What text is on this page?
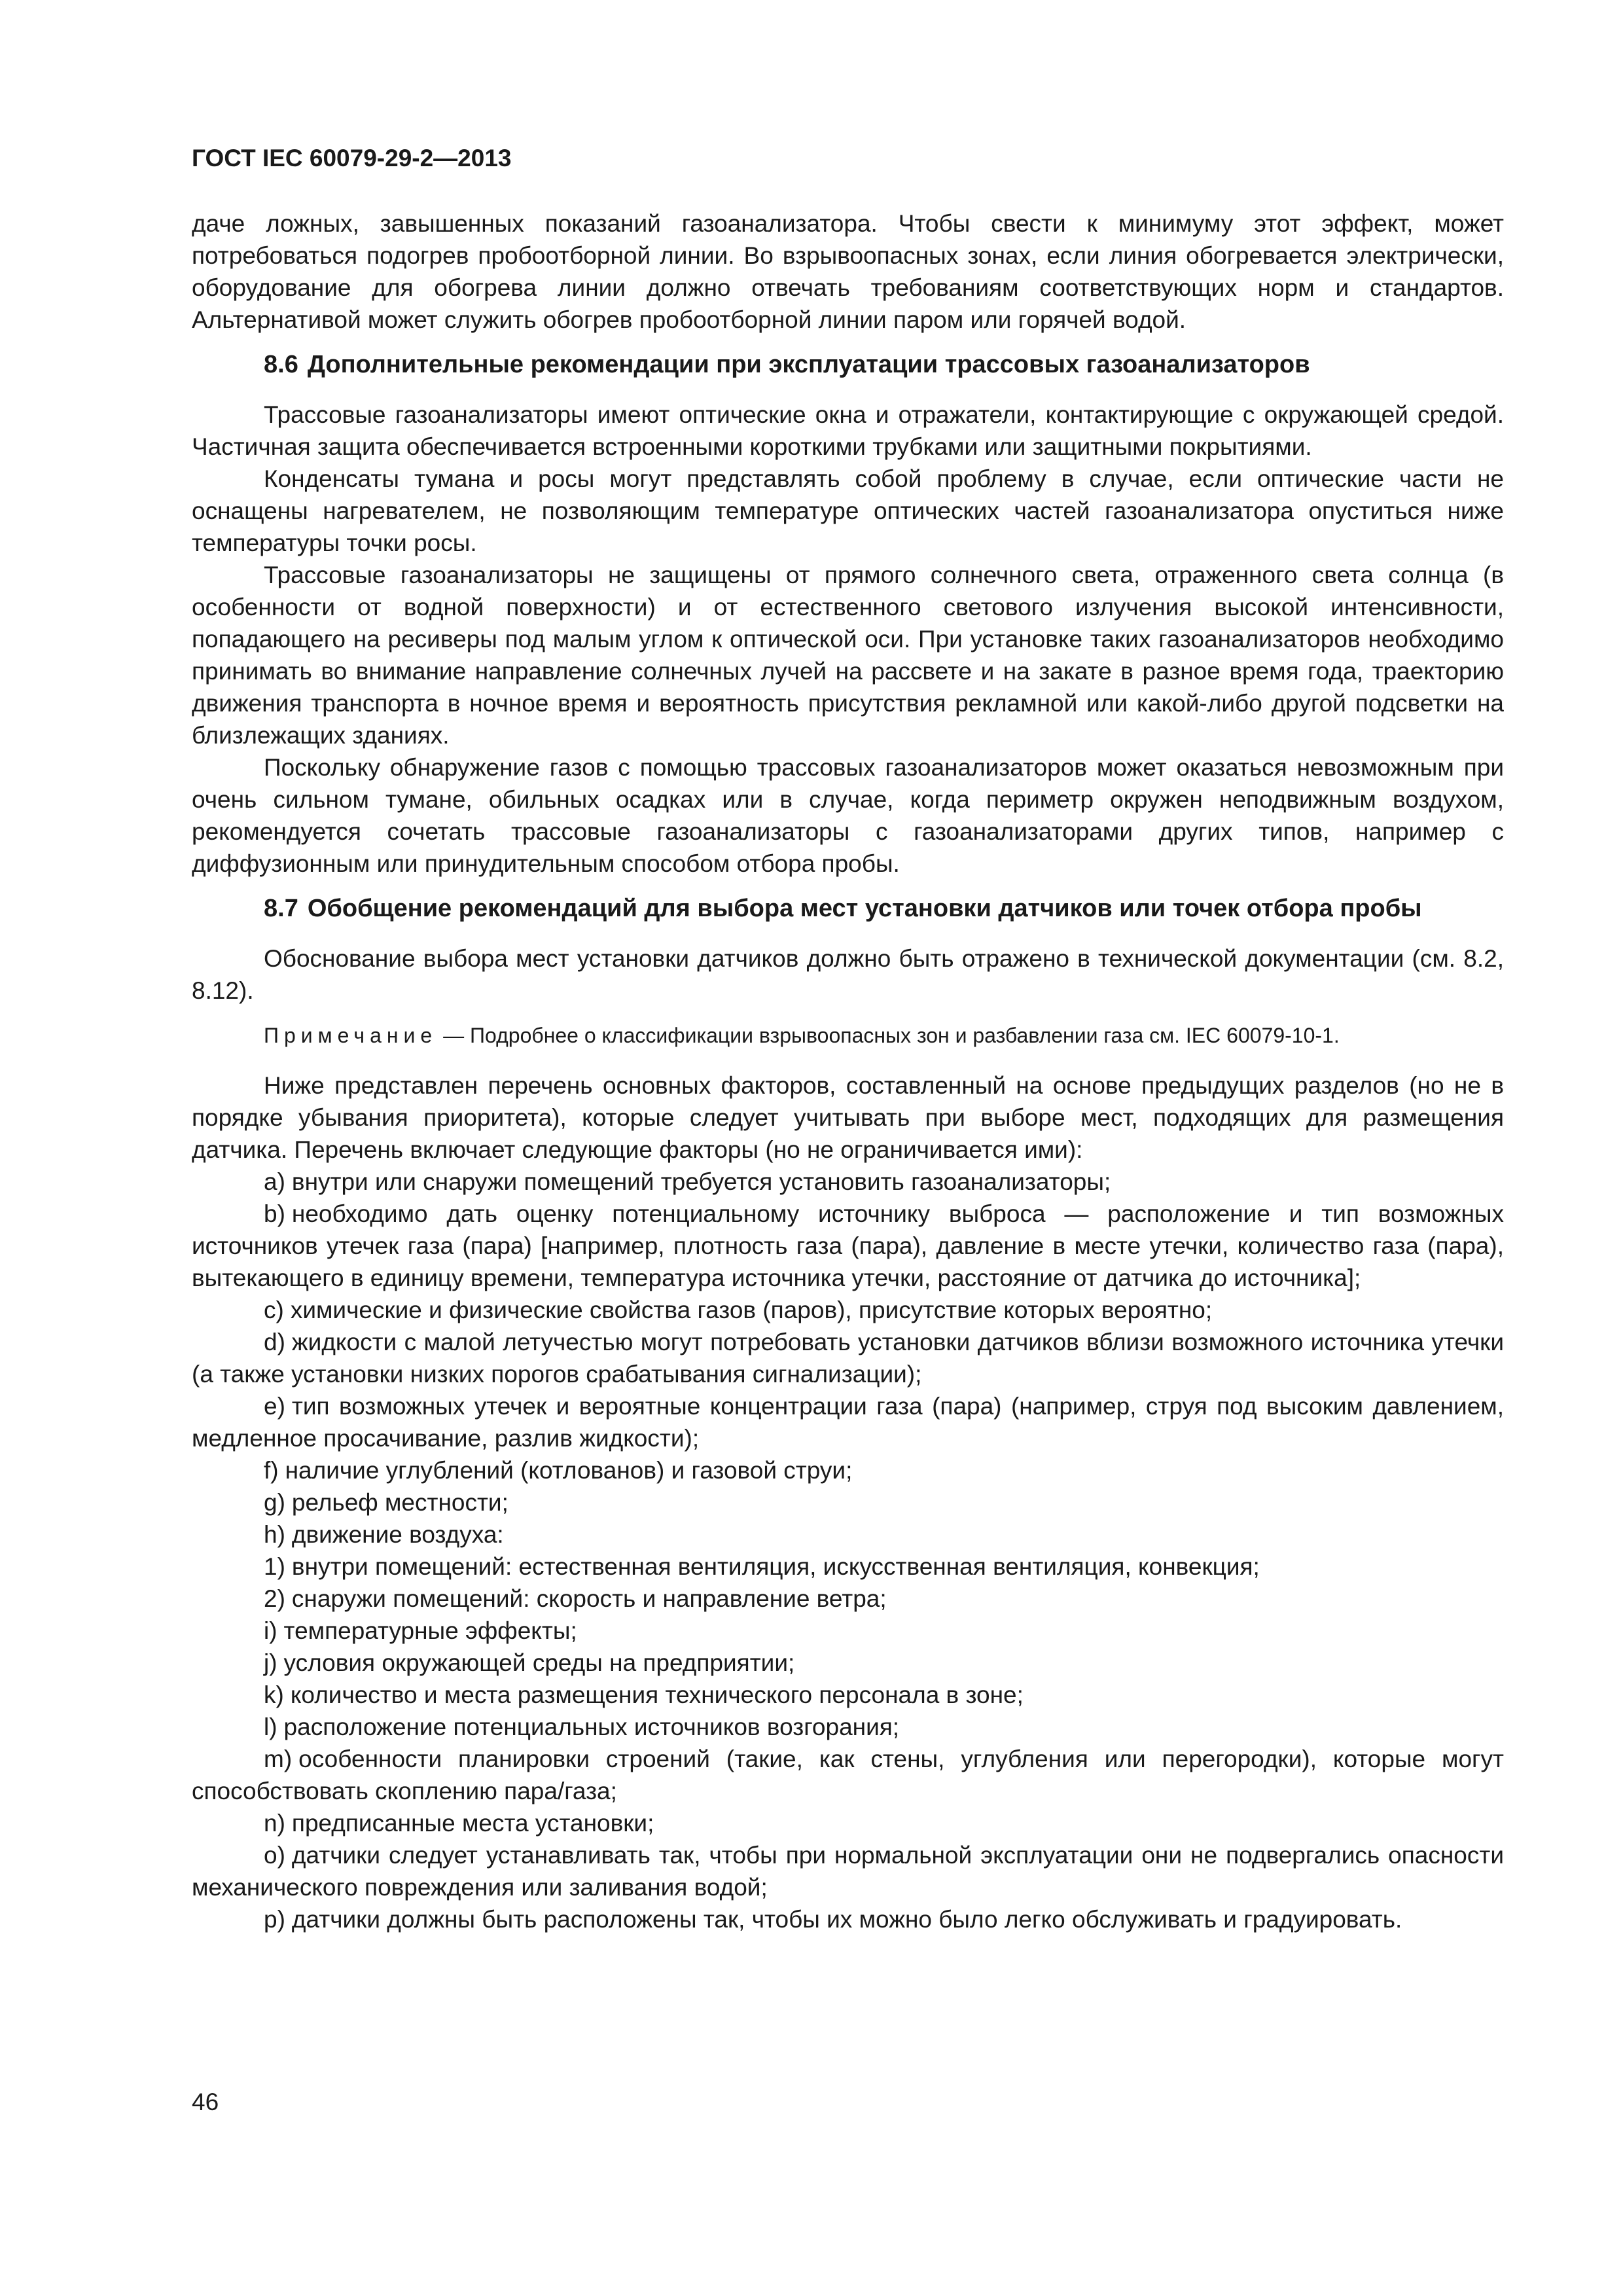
ГОСТ IEC 60079-29-2—2013

даче ложных, завышенных показаний газоанализатора. Чтобы свести к минимуму этот эффект, может потребоваться подогрев пробоотборной линии. Во взрывоопасных зонах, если линия обогревается электрически, оборудование для обогрева линии должно отвечать требованиям соответствующих норм и стандартов. Альтернативой может служить обогрев пробоотборной линии паром или горячей водой.

8.6 Дополнительные рекомендации при эксплуатации трассовых газоанализаторов

Трассовые газоанализаторы имеют оптические окна и отражатели, контактирующие с окружающей средой. Частичная защита обеспечивается встроенными короткими трубками или защитными покрытиями.

Конденсаты тумана и росы могут представлять собой проблему в случае, если оптические части не оснащены нагревателем, не позволяющим температуре оптических частей газоанализатора опуститься ниже температуры точки росы.

Трассовые газоанализаторы не защищены от прямого солнечного света, отраженного света солнца (в особенности от водной поверхности) и от естественного светового излучения высокой интенсивности, попадающего на ресиверы под малым углом к оптической оси. При установке таких газоанализаторов необходимо принимать во внимание направление солнечных лучей на рассвете и на закате в разное время года, траекторию движения транспорта в ночное время и вероятность присутствия рекламной или какой-либо другой подсветки на близлежащих зданиях.

Поскольку обнаружение газов с помощью трассовых газоанализаторов может оказаться невозможным при очень сильном тумане, обильных осадках или в случае, когда периметр окружен неподвижным воздухом, рекомендуется сочетать трассовые газоанализаторы с газоанализаторами других типов, например с диффузионным или принудительным способом отбора пробы.

8.7 Обобщение рекомендаций для выбора мест установки датчиков или точек отбора пробы

Обоснование выбора мест установки датчиков должно быть отражено в технической документации (см. 8.2, 8.12).

Примечание — Подробнее о классификации взрывоопасных зон и разбавлении газа см. IEC 60079-10-1.

Ниже представлен перечень основных факторов, составленный на основе предыдущих разделов (но не в порядке убывания приоритета), которые следует учитывать при выборе мест, подходящих для размещения датчика. Перечень включает следующие факторы (но не ограничивается ими):

а) внутри или снаружи помещений требуется установить газоанализаторы;

b) необходимо дать оценку потенциальному источнику выброса — расположение и тип возможных источников утечек газа (пара) [например, плотность газа (пара), давление в месте утечки, количество газа (пара), вытекающего в единицу времени, температура источника утечки, расстояние от датчика до источника];

c) химические и физические свойства газов (паров), присутствие которых вероятно;

d) жидкости с малой летучестью могут потребовать установки датчиков вблизи возможного источника утечки (а также установки низких порогов срабатывания сигнализации);

e) тип возможных утечек и вероятные концентрации газа (пара) (например, струя под высоким давлением, медленное просачивание, разлив жидкости);

f) наличие углублений (котлованов) и газовой струи;

g) рельеф местности;

h) движение воздуха:

1) внутри помещений: естественная вентиляция, искусственная вентиляция, конвекция;

2) снаружи помещений: скорость и направление ветра;

i) температурные эффекты;

j) условия окружающей среды на предприятии;

k) количество и места размещения технического персонала в зоне;

l) расположение потенциальных источников возгорания;

m) особенности планировки строений (такие, как стены, углубления или перегородки), которые могут способствовать скоплению пара/газа;

n) предписанные места установки;

o) датчики следует устанавливать так, чтобы при нормальной эксплуатации они не подвергались опасности механического повреждения или заливания водой;

p) датчики должны быть расположены так, чтобы их можно было легко обслуживать и градуировать.

46
